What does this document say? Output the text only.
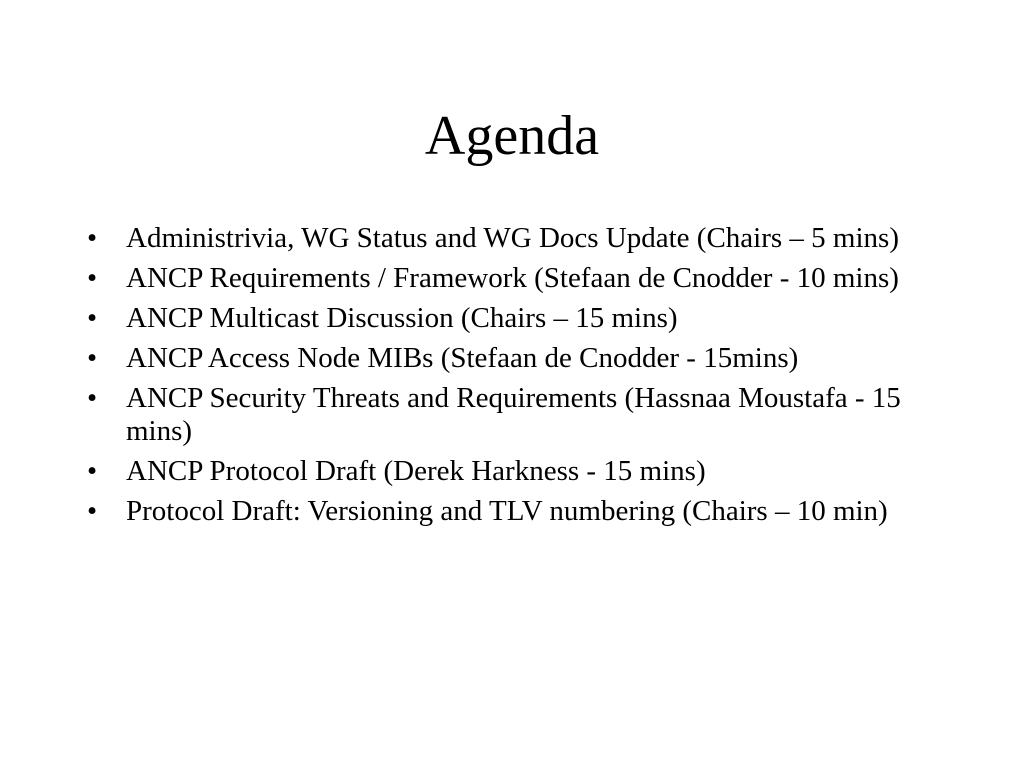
Agenda
• Administrivia, WG Status and WG Docs Update (Chairs – 5 mins)
• ANCP Requirements / Framework (Stefaan de Cnodder - 10 mins)
• ANCP Multicast Discussion (Chairs – 15 mins)
• ANCP Access Node MIBs (Stefaan de Cnodder - 15mins)
• ANCP Security Threats and Requirements (Hassnaa Moustafa - 15 mins)
• ANCP Protocol Draft (Derek Harkness - 15 mins)
• Protocol Draft: Versioning and TLV numbering (Chairs – 10 min)
